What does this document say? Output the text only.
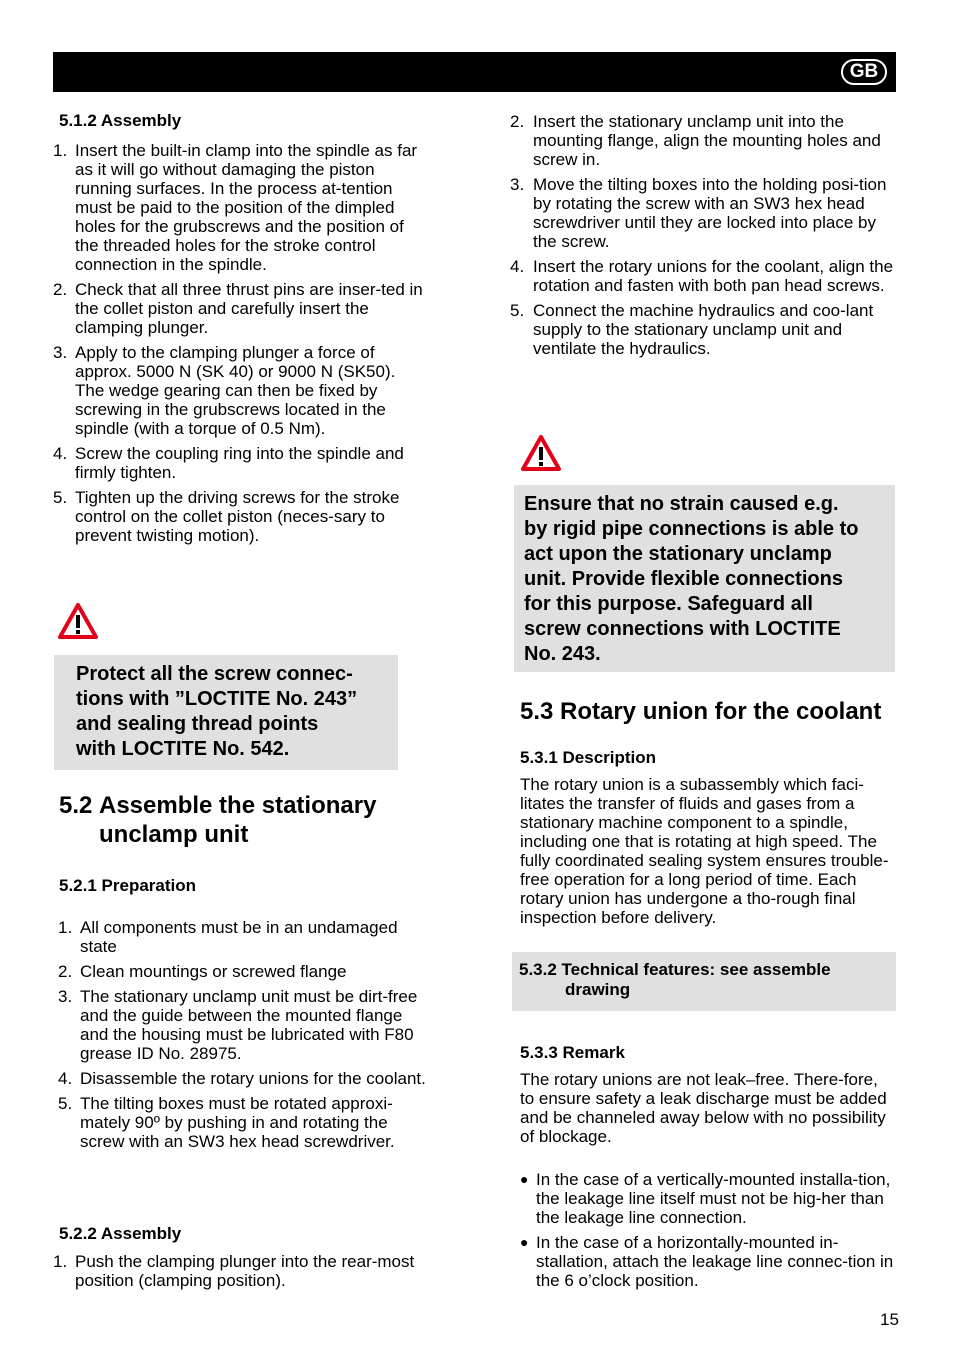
GB
5.1.2 Assembly
1. Insert the built-in clamp into the spindle as far as it will go without damaging the piston running surfaces. In the process at-tention must be paid to the position of the dimpled holes for the grubscrews and the position of the threaded holes for the stroke control connection in the spindle.
2. Check that all three thrust pins are inser-ted in the collet piston and carefully insert the clamping plunger.
3. Apply to the clamping plunger a force of approx. 5000 N (SK 40) or 9000 N (SK50). The wedge gearing can then be fixed by screwing in the grubscrews located in the spindle (with a torque of 0.5 Nm).
4. Screw the coupling ring into the spindle and firmly tighten.
5. Tighten up the driving screws for the stroke control on the collet piston (neces-sary to prevent twisting motion).
Protect all the screw connec-
tions with ”LOCTITE No. 243”
and sealing thread points
with LOCTITE No. 542.
5.2 Assemble the stationary unclamp unit
5.2.1 Preparation
1. All components must be in an undamaged state
2. Clean mountings or screwed flange
3. The stationary unclamp unit must be dirt-free and the guide between the mounted flange and the housing must be lubricated with F80 grease ID No. 28975.
4. Disassemble the rotary unions for the coolant.
5. The tilting boxes must be rotated approxi-mately 90º by pushing in and rotating the screw with an SW3 hex head screwdriver.
5.2.2 Assembly
1. Push the clamping plunger into the rear-most position (clamping position).
2. Insert the stationary unclamp unit into the mounting flange, align the mounting holes and screw in.
3. Move the tilting boxes into the holding posi-tion by rotating the screw with an SW3 hex head screwdriver until they are locked into place by the screw.
4. Insert the rotary unions for the coolant, align the rotation and fasten with both pan head screws.
5. Connect the machine hydraulics and coo-lant supply to the stationary unclamp unit and ventilate the hydraulics.
Ensure that no strain caused e.g.
by rigid pipe connections is able to
act upon the stationary unclamp
unit. Provide flexible connections
for this purpose. Safeguard all
screw connections with LOCTITE
No. 243.
5.3 Rotary union for the coolant
5.3.1 Description

The rotary union is a subassembly which faci-litates the transfer of fluids and gases from a stationary machine component to a spindle, including one that is rotating at high speed. The fully coordinated sealing system ensures trouble-free operation for a long period of time. Each rotary union has undergone a tho-rough final inspection before delivery.

5.3.2 Technical features: see assemble
drawing
5.3.3 Remark

The rotary unions are not leak–free. There-fore, to ensure safety a leak discharge must be added and be channeled away below with no possibility of blockage.

● In the case of a vertically-mounted installa-tion, the leakage line itself must not be hig-her than the leakage line connection.
● In the case of a horizontally-mounted in-stallation, attach the leakage line connec-tion in the 6 o’clock position.
15
